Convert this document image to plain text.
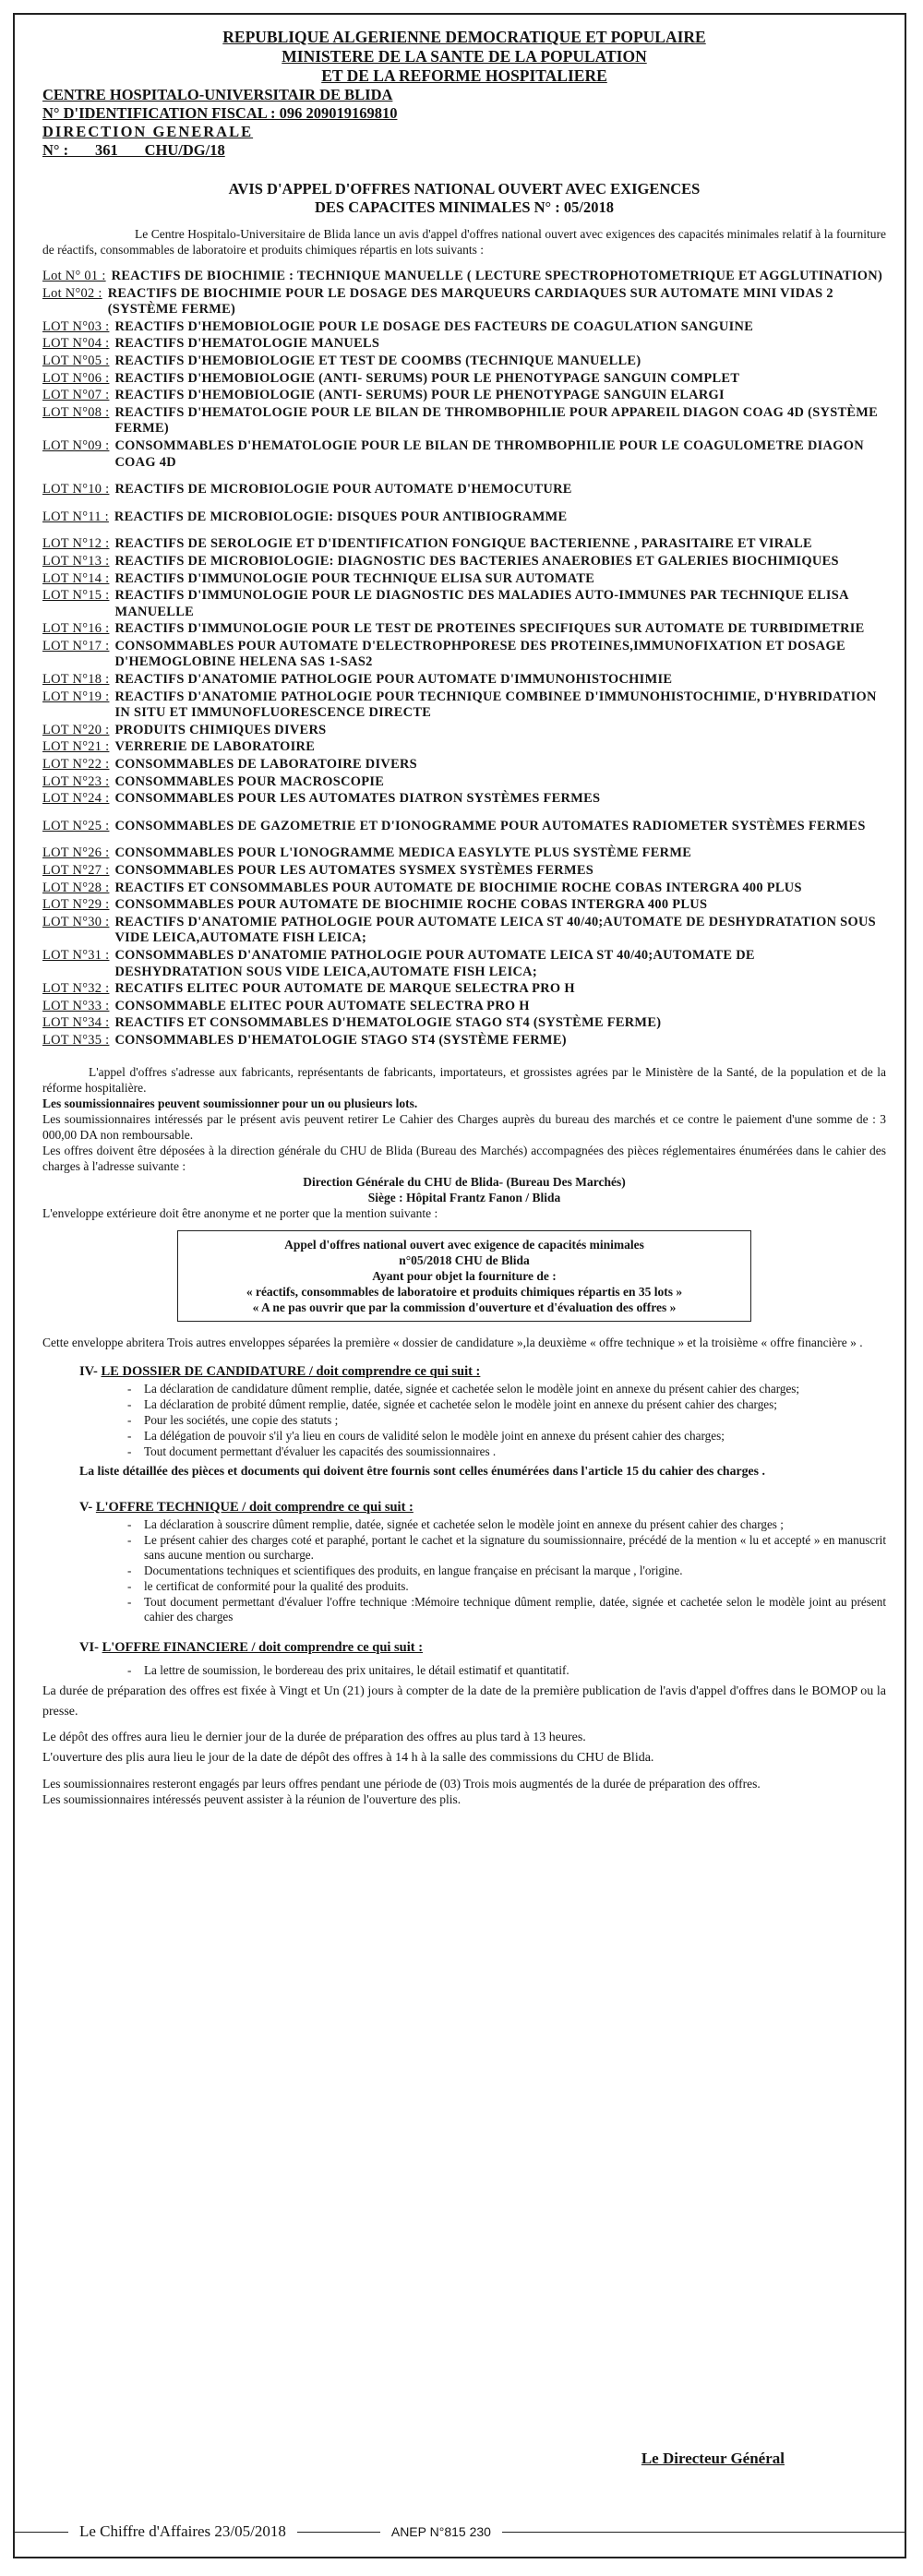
REPUBLIQUE ALGERIENNE DEMOCRATIQUE ET POPULAIRE
MINISTERE DE LA SANTE DE LA POPULATION
ET DE LA REFORME HOSPITALIERE
CENTRE HOSPITALO-UNIVERSITAIR DE BLIDA
N° D'IDENTIFICATION FISCAL : 096 209019169810
DIRECTION GENERALE
N° :       361       CHU/DG/18
AVIS D'APPEL D'OFFRES NATIONAL OUVERT AVEC EXIGENCES
DES CAPACITES MINIMALES N° : 05/2018

Le Centre Hospitalo-Universitaire de Blida lance un avis d'appel d'offres national ouvert avec exigences des capacités minimales relatif à la fourniture de réactifs, consommables de laboratoire et produits chimiques répartis en lots suivants :

Lot N° 01 : REACTIFS DE BIOCHIMIE : TECHNIQUE MANUELLE ( LECTURE SPECTROPHOTOMETRIQUE ET AGGLUTINATION)
Lot N°02 : REACTIFS DE BIOCHIMIE POUR LE DOSAGE DES MARQUEURS CARDIAQUES SUR AUTOMATE MINI VIDAS 2 (SYSTÈME FERME)
LOT N°03 : REACTIFS D'HEMOBIOLOGIE POUR LE DOSAGE DES FACTEURS DE COAGULATION SANGUINE
LOT N°04 : REACTIFS D'HEMATOLOGIE MANUELS
LOT N°05 : REACTIFS D'HEMOBIOLOGIE ET TEST DE COOMBS (TECHNIQUE MANUELLE)
LOT N°06 : REACTIFS D'HEMOBIOLOGIE (ANTI- SERUMS) POUR LE PHENOTYPAGE SANGUIN COMPLET
LOT N°07 : REACTIFS D'HEMOBIOLOGIE (ANTI- SERUMS) POUR LE PHENOTYPAGE SANGUIN ELARGI
LOT N°08 : REACTIFS D'HEMATOLOGIE POUR LE BILAN DE THROMBOPHILIE POUR APPAREIL DIAGON COAG 4D (SYSTÈME FERME)
LOT N°09 : CONSOMMABLES D'HEMATOLOGIE POUR LE BILAN DE THROMBOPHILIE POUR LE COAGULOMETRE DIAGON COAG 4D
LOT N°10 : REACTIFS DE MICROBIOLOGIE POUR AUTOMATE D'HEMOCUTURE
LOT N°11 : REACTIFS DE MICROBIOLOGIE: DISQUES POUR ANTIBIOGRAMME
LOT N°12 : REACTIFS DE SEROLOGIE ET D'IDENTIFICATION FONGIQUE BACTERIENNE , PARASITAIRE ET VIRALE
LOT N°13 : REACTIFS DE MICROBIOLOGIE: DIAGNOSTIC DES BACTERIES ANAEROBIES ET GALERIES BIOCHIMIQUES
LOT N°14 : REACTIFS D'IMMUNOLOGIE POUR TECHNIQUE ELISA SUR AUTOMATE
LOT N°15 : REACTIFS D'IMMUNOLOGIE POUR LE DIAGNOSTIC DES MALADIES AUTO-IMMUNES PAR TECHNIQUE ELISA MANUELLE
LOT N°16 : REACTIFS D'IMMUNOLOGIE POUR LE TEST DE PROTEINES SPECIFIQUES SUR AUTOMATE DE TURBIDIMETRIE
LOT N°17 : CONSOMMABLES POUR AUTOMATE D'ELECTROPHPORESE DES PROTEINES,IMMUNOFIXATION ET DOSAGE D'HEMOGLOBINE HELENA SAS 1-SAS2
LOT N°18 : REACTIFS D'ANATOMIE PATHOLOGIE POUR AUTOMATE D'IMMUNOHISTOCHIMIE
LOT N°19 : REACTIFS D'ANATOMIE PATHOLOGIE POUR TECHNIQUE COMBINEE D'IMMUNOHISTOCHIMIE, D'HYBRIDATION IN SITU ET IMMUNOFLUORESCENCE DIRECTE
LOT N°20 : PRODUITS CHIMIQUES DIVERS
LOT N°21 : VERRERIE DE LABORATOIRE
LOT N°22 : CONSOMMABLES DE LABORATOIRE DIVERS
LOT N°23 : CONSOMMABLES POUR MACROSCOPIE
LOT N°24 : CONSOMMABLES POUR LES AUTOMATES DIATRON SYSTÈMES FERMES
LOT N°25 : CONSOMMABLES DE GAZOMETRIE ET D'IONOGRAMME POUR AUTOMATES RADIOMETER SYSTÈMES FERMES
LOT N°26 : CONSOMMABLES POUR L'IONOGRAMME MEDICA EASYLYTE PLUS SYSTÈME FERME
LOT N°27 : CONSOMMABLES POUR LES AUTOMATES SYSMEX SYSTÈMES FERMES
LOT N°28 : REACTIFS ET CONSOMMABLES POUR AUTOMATE DE BIOCHIMIE ROCHE COBAS INTERGRA 400 PLUS
LOT N°29 : CONSOMMABLES POUR AUTOMATE DE BIOCHIMIE ROCHE COBAS INTERGRA 400 PLUS
LOT N°30 : REACTIFS D'ANATOMIE PATHOLOGIE POUR AUTOMATE LEICA ST 40/40;AUTOMATE DE DESHYDRATATION SOUS VIDE LEICA,AUTOMATE FISH LEICA;
LOT N°31 : CONSOMMABLES D'ANATOMIE PATHOLOGIE POUR AUTOMATE LEICA ST 40/40;AUTOMATE DE DESHYDRATATION SOUS VIDE LEICA,AUTOMATE FISH LEICA;
LOT N°32 : RECATIFS ELITEC POUR AUTOMATE DE MARQUE SELECTRA PRO H
LOT N°33 : CONSOMMABLE ELITEC POUR AUTOMATE SELECTRA PRO H
LOT N°34 : REACTIFS ET CONSOMMABLES D'HEMATOLOGIE STAGO ST4 (SYSTÈME FERME)
LOT N°35 : CONSOMMABLES D'HEMATOLOGIE STAGO ST4 (SYSTÈME FERME)

L'appel d'offres s'adresse aux fabricants, représentants de fabricants, importateurs, et grossistes agrées par le Ministère de la Santé, de la population et de la réforme hospitalière.

Les soumissionnaires peuvent soumissionner pour un ou plusieurs lots.

Les soumissionnaires intéressés par le présent avis peuvent retirer Le Cahier des Charges auprès du bureau des marchés et ce contre le paiement d'une somme de : 3 000,00 DA non remboursable.

Les offres doivent être déposées à la direction générale du CHU de Blida (Bureau des Marchés) accompagnées des pièces réglementaires énumérées dans le cahier des charges à l'adresse suivante :

Direction Générale du CHU de Blida- (Bureau Des Marchés)

Siège : Hôpital Frantz Fanon / Blida

L'enveloppe extérieure doit être anonyme et ne porter que la mention suivante :

Appel d'offres national ouvert avec exigence de capacités minimales
n°05/2018 CHU de Blida
Ayant pour objet la fourniture de :
« réactifs, consommables de laboratoire et produits chimiques répartis en 35 lots »
« A ne pas ouvrir que par la commission d'ouverture et d'évaluation des offres »

Cette enveloppe abritera Trois autres enveloppes séparées la première « dossier de candidature »,la deuxième « offre technique » et la troisième « offre financière » .

IV- LE DOSSIER DE CANDIDATURE / doit comprendre ce qui suit :
- La déclaration de candidature dûment remplie, datée, signée et cachetée selon le modèle joint en annexe du présent cahier des charges;
- La déclaration de probité dûment remplie, datée, signée et cachetée selon le modèle joint en annexe du présent cahier des charges;
- Pour les sociétés, une copie des statuts ;
- La délégation de pouvoir s'il y'a lieu en cours de validité selon le modèle joint en annexe du présent cahier des charges;
- Tout document permettant d'évaluer les capacités des soumissionnaires .

La liste détaillée des pièces et documents qui doivent être fournis sont celles énumérées dans l'article 15 du cahier des charges .

V- L'OFFRE TECHNIQUE / doit comprendre ce qui suit :
- La déclaration à souscrire dûment remplie, datée, signée et cachetée selon le modèle joint en annexe du présent cahier des charges ;
- Le présent cahier des charges coté et paraphé, portant le cachet et la signature du soumissionnaire, précédé de la mention « lu et accepté » en manuscrit sans aucune mention ou surcharge.
- Documentations techniques et scientifiques des produits, en langue française en précisant la marque , l'origine.
- le certificat de conformité pour la qualité des produits.
- Tout document permettant d'évaluer l'offre technique :Mémoire technique dûment remplie, datée, signée et cachetée selon le modèle joint au présent cahier des charges
VI- L'OFFRE FINANCIERE / doit comprendre ce qui suit :
- La lettre de soumission, le bordereau des prix unitaires, le détail estimatif et quantitatif.

La durée de préparation des offres est fixée à Vingt et Un (21) jours à compter de la date de la première publication de l'avis d'appel d'offres dans le BOMOP ou la presse.

Le dépôt des offres aura lieu le dernier jour de la durée de préparation des offres au plus tard à 13 heures.

L'ouverture des plis aura lieu le jour de la date de dépôt des offres à 14 h à la salle des commissions du CHU de Blida.

Les soumissionnaires resteront engagés par leurs offres pendant une période de (03) Trois mois augmentés de la durée de préparation des offres.

Les soumissionnaires intéressés peuvent assister à la réunion de l'ouverture des plis.

Le Directeur Général
Le Chiffre d'Affaires 23/05/2018	ANEP N°815 230
